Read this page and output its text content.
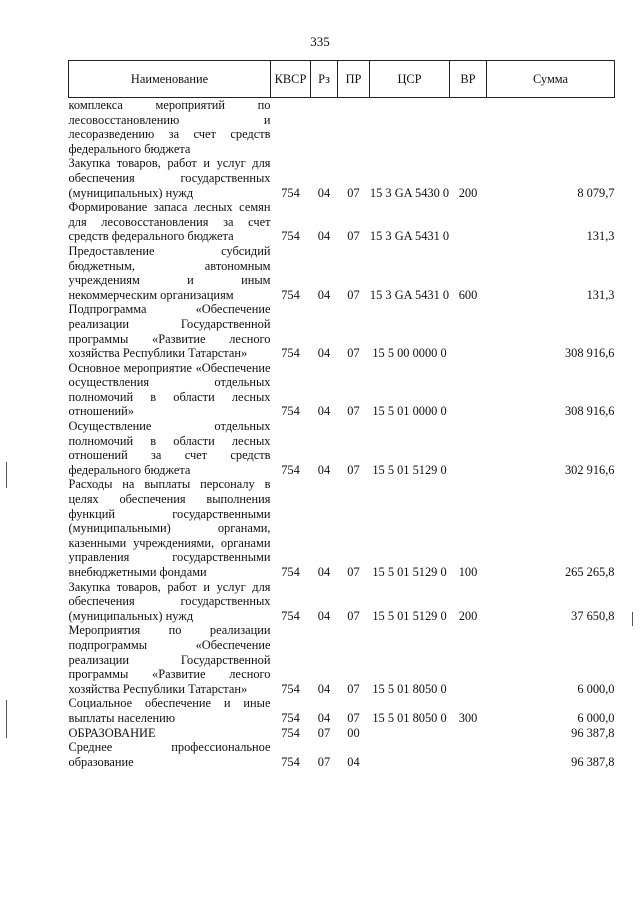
335
Наименование	КВСР	Рз	ПР	ЦСР	ВР	Сумма
комплекса мероприятий по лесовосстановлению и лесоразведению за счет средств федерального бюджета						
Закупка товаров, работ и услуг для обеспечения государственных (муниципальных) нужд	754	04	07	15 3 GA 5430 0	200	8 079,7
Формирование запаса лесных семян для лесовосстановления за счет средств федерального бюджета	754	04	07	15 3 GA 5431 0		131,3
Предоставление субсидий бюджетным, автономным учреждениям и иным некоммерческим организациям	754	04	07	15 3 GA 5431 0	600	131,3
Подпрограмма «Обеспечение реализации Государственной программы «Развитие лесного хозяйства Республики Татарстан»	754	04	07	15 5 00 0000 0		308 916,6
Основное мероприятие «Обеспечение осуществления отдельных полномочий в области лесных отношений»	754	04	07	15 5 01 0000 0		308 916,6
Осуществление отдельных полномочий в области лесных отношений за счет средств федерального бюджета	754	04	07	15 5 01 5129 0		302 916,6
Расходы на выплаты персоналу в целях обеспечения выполнения функций государственными (муниципальными) органами, казенными учреждениями, органами управления государственными внебюджетными фондами	754	04	07	15 5 01 5129 0	100	265 265,8
Закупка товаров, работ и услуг для обеспечения государственных (муниципальных) нужд	754	04	07	15 5 01 5129 0	200	37 650,8
Мероприятия по реализации подпрограммы «Обеспечение реализации Государственной программы «Развитие лесного хозяйства Республики Татарстан»	754	04	07	15 5 01 8050 0		6 000,0
Социальное обеспечение и иные выплаты населению	754	04	07	15 5 01 8050 0	300	6 000,0
ОБРАЗОВАНИЕ	754	07	00			96 387,8
Среднее профессиональное образование	754	07	04			96 387,8
